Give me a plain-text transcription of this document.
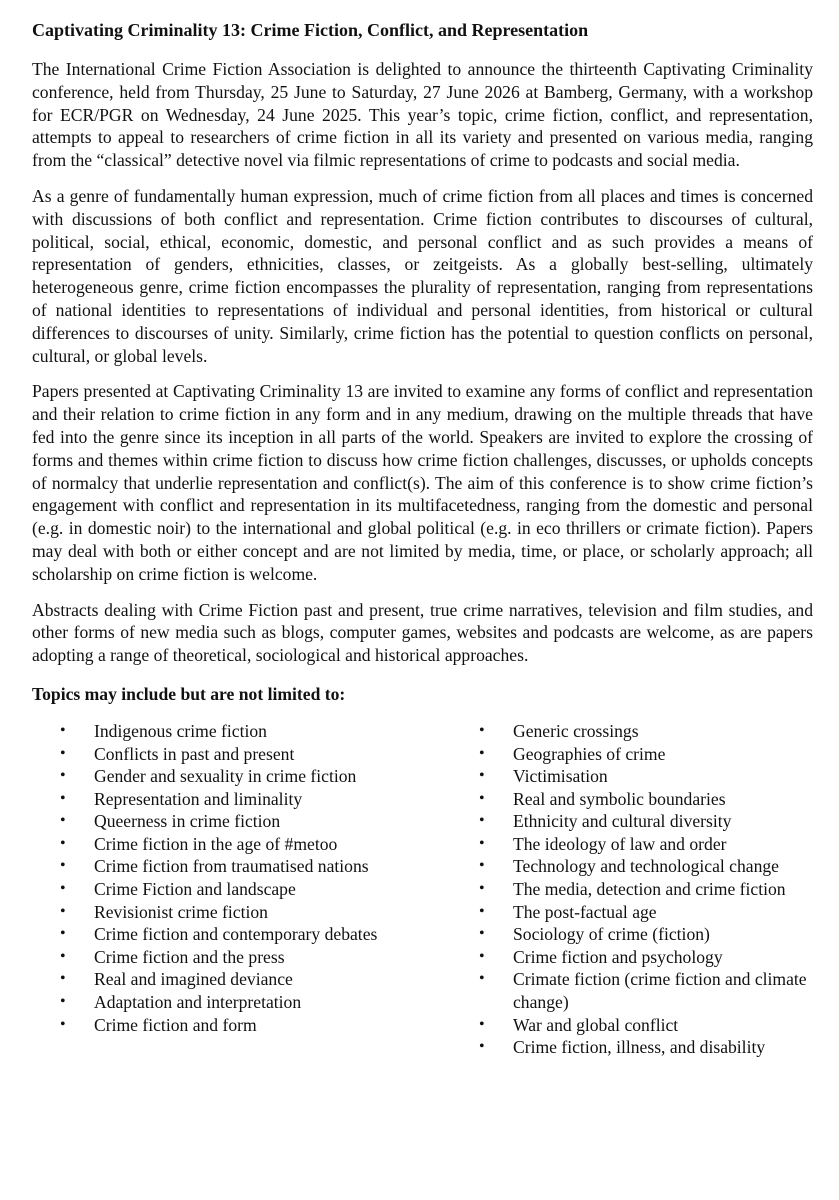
Captivating Criminality 13: Crime Fiction, Conflict, and Representation

The International Crime Fiction Association is delighted to announce the thirteenth Captivating Criminality conference, held from Thursday, 25 June to Saturday, 27 June 2026 at Bamberg, Germany, with a workshop for ECR/PGR on Wednesday, 24 June 2025. This year’s topic, crime fiction, conflict, and representation, attempts to appeal to researchers of crime fiction in all its variety and presented on various media, ranging from the “classical” detective novel via filmic representations of crime to podcasts and social media.

As a genre of fundamentally human expression, much of crime fiction from all places and times is concerned with discussions of both conflict and representation. Crime fiction contributes to discourses of cultural, political, social, ethical, economic, domestic, and personal conflict and as such provides a means of representation of genders, ethnicities, classes, or zeitgeists. As a globally best-selling, ultimately heterogeneous genre, crime fiction encompasses the plurality of representation, ranging from representations of national identities to representations of individual and personal identities, from historical or cultural differences to discourses of unity. Similarly, crime fiction has the potential to question conflicts on personal, cultural, or global levels.

Papers presented at Captivating Criminality 13 are invited to examine any forms of conflict and representation and their relation to crime fiction in any form and in any medium, drawing on the multiple threads that have fed into the genre since its inception in all parts of the world. Speakers are invited to explore the crossing of forms and themes within crime fiction to discuss how crime fiction challenges, discusses, or upholds concepts of normalcy that underlie representation and conflict(s). The aim of this conference is to show crime fiction’s engagement with conflict and representation in its multifacetedness, ranging from the domestic and personal (e.g. in domestic noir) to the international and global political (e.g. in eco thrillers or crimate fiction). Papers may deal with both or either concept and are not limited by media, time, or place, or scholarly approach; all scholarship on crime fiction is welcome.

Abstracts dealing with Crime Fiction past and present, true crime narratives, television and film studies, and other forms of new media such as blogs, computer games, websites and podcasts are welcome, as are papers adopting a range of theoretical, sociological and historical approaches.

Topics may include but are not limited to:
• Indigenous crime fiction
• Conflicts in past and present
• Gender and sexuality in crime fiction
• Representation and liminality
• Queerness in crime fiction
• Crime fiction in the age of #metoo
• Crime fiction from traumatised nations
• Crime Fiction and landscape
• Revisionist crime fiction
• Crime fiction and contemporary debates
• Crime fiction and the press
• Real and imagined deviance
• Adaptation and interpretation
• Crime fiction and form
• Generic crossings
• Geographies of crime
• Victimisation
• Real and symbolic boundaries
• Ethnicity and cultural diversity
• The ideology of law and order
• Technology and technological change
• The media, detection and crime fiction
• The post-factual age
• Sociology of crime (fiction)
• Crime fiction and psychology
• Crimate fiction (crime fiction and climate change)
• War and global conflict
• Crime fiction, illness, and disability
